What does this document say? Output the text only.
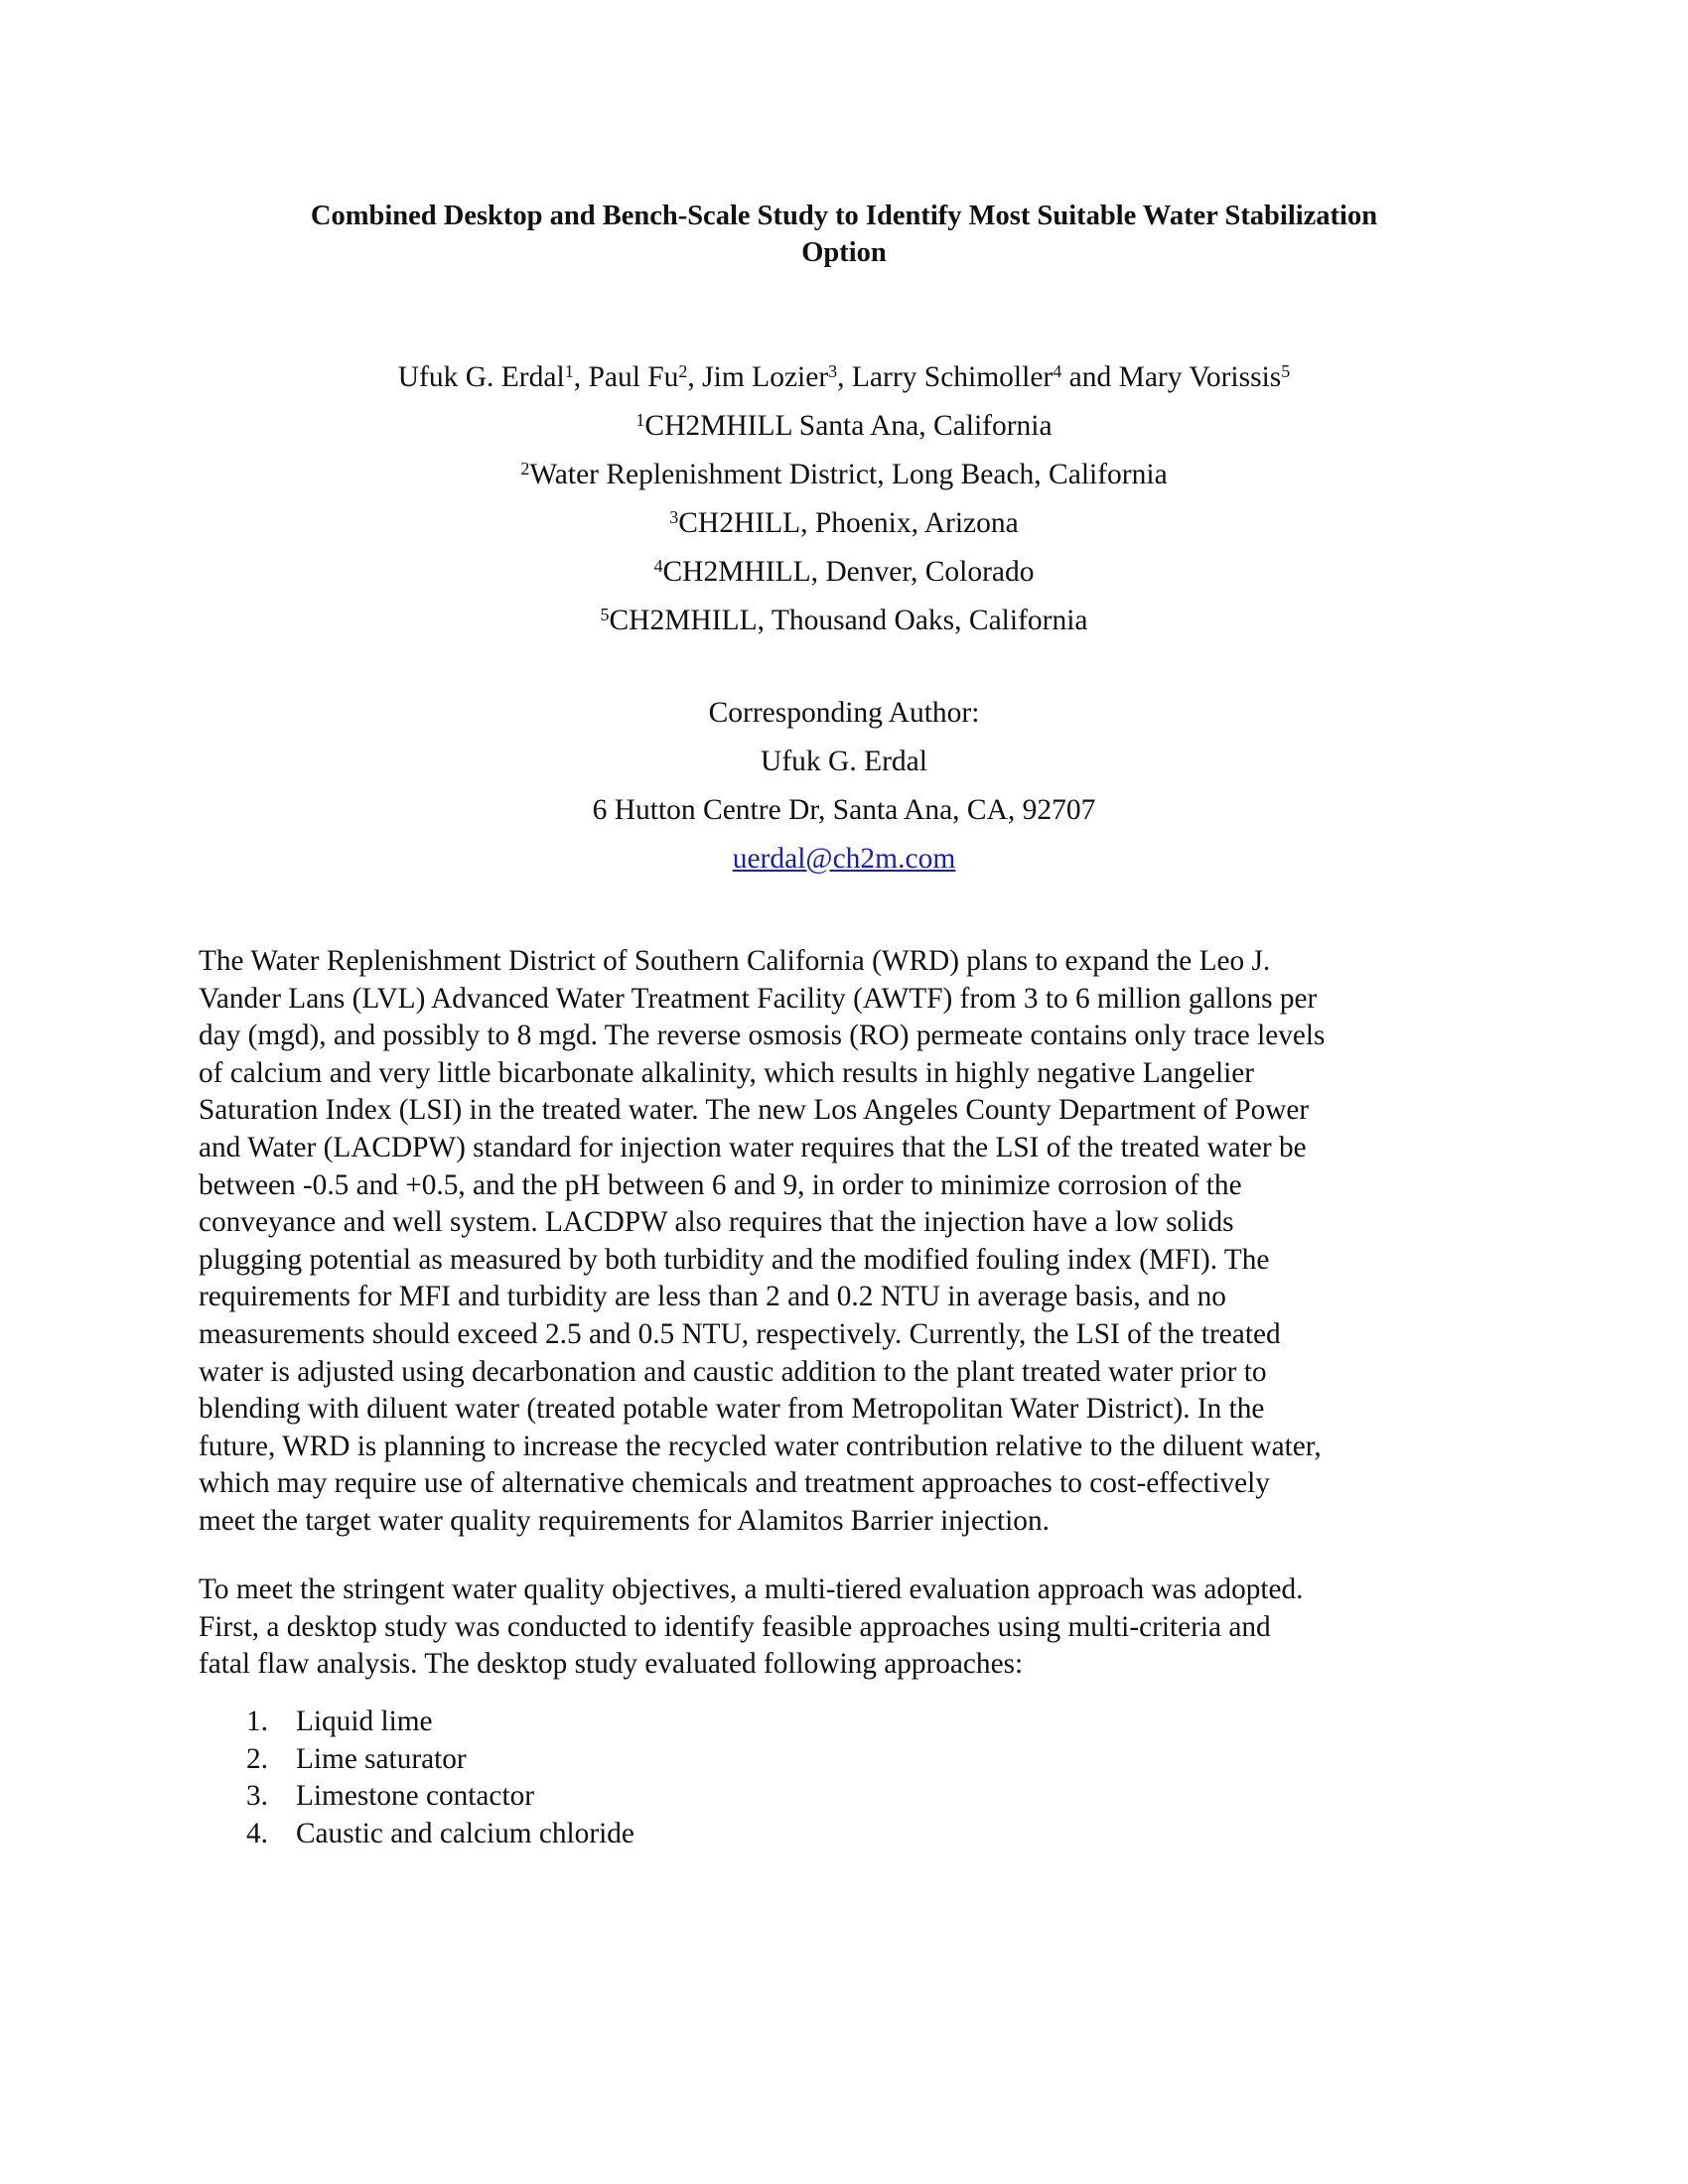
Combined Desktop and Bench-Scale Study to Identify Most Suitable Water Stabilization
Option
Ufuk G. Erdal$^1$, Paul Fu$^2$, Jim Lozier$^3$, Larry Schimoller$^4$ and Mary Vorissis$^5$
$^1$CH2MHILL Santa Ana, California
$^2$Water Replenishment District, Long Beach, California
$^3$CH2HILL, Phoenix, Arizona
$^4$CH2MHILL, Denver, Colorado
$^5$CH2MHILL, Thousand Oaks, California
Corresponding Author:
Ufuk G. Erdal
6 Hutton Centre Dr, Santa Ana, CA, 92707
uerdal@ch2m.com
The Water Replenishment District of Southern California (WRD) plans to expand the Leo J.
Vander Lans (LVL) Advanced Water Treatment Facility (AWTF) from 3 to 6 million gallons per
day (mgd), and possibly to 8 mgd. The reverse osmosis (RO) permeate contains only trace levels
of calcium and very little bicarbonate alkalinity, which results in highly negative Langelier
Saturation Index (LSI) in the treated water. The new Los Angeles County Department of Power
and Water (LACDPW) standard for injection water requires that the LSI of the treated water be
between -0.5 and +0.5, and the pH between 6 and 9, in order to minimize corrosion of the
conveyance and well system. LACDPW also requires that the injection have a low solids
plugging potential as measured by both turbidity and the modified fouling index (MFI). The
requirements for MFI and turbidity are less than 2 and 0.2 NTU in average basis, and no
measurements should exceed 2.5 and 0.5 NTU, respectively. Currently, the LSI of the treated
water is adjusted using decarbonation and caustic addition to the plant treated water prior to
blending with diluent water (treated potable water from Metropolitan Water District). In the
future, WRD is planning to increase the recycled water contribution relative to the diluent water,
which may require use of alternative chemicals and treatment approaches to cost-effectively
meet the target water quality requirements for Alamitos Barrier injection.
To meet the stringent water quality objectives, a multi-tiered evaluation approach was adopted.
First, a desktop study was conducted to identify feasible approaches using multi-criteria and
fatal flaw analysis. The desktop study evaluated following approaches:
1. Liquid lime
2. Lime saturator
3. Limestone contactor
4. Caustic and calcium chloride
